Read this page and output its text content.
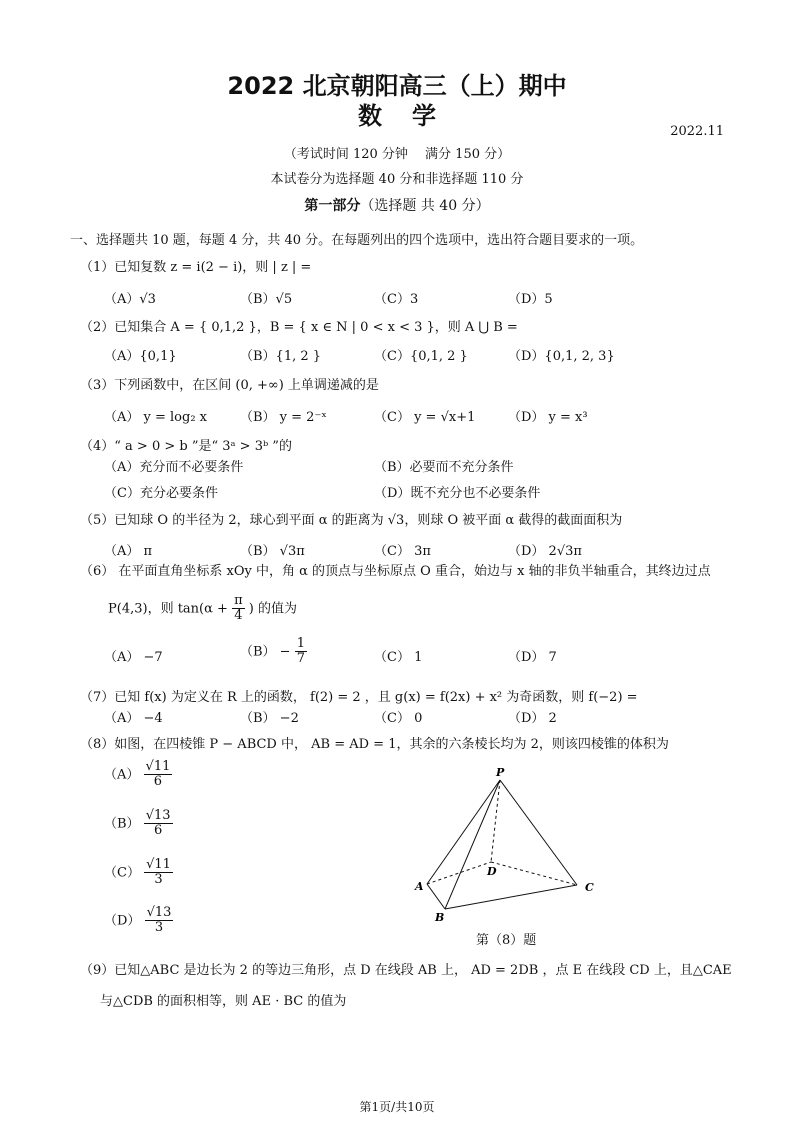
2022 北京朝阳高三（上）期中
数学
2022.11
（考试时间 120 分钟　 满分 150 分）
本试卷分为选择题 40 分和非选择题 110 分
第一部分（选择题 共 40 分）
一、选择题共 10 题，每题 4 分，共 40 分。在每题列出的四个选项中，选出符合题目要求的一项。
（1）已知复数 z = i(2 − i)，则 | z | =
（A）√3	（B）√5	（C）3	（D）5
（2）已知集合 A = { 0,1,2 }，B = { x ∈ N | 0 < x < 3 }，则 A ⋃ B =
（A）{0,1}	（B）{1, 2 }	（C）{0,1, 2 }	（D）{0,1, 2, 3}
（3）下列函数中，在区间 (0, +∞) 上单调递减的是
（A） y = log₂ x	（B） y = 2⁻ˣ	（C） y = √x+1	（D） y = x³
（4）“ a > 0 > b ”是“ 3ᵃ > 3ᵇ ”的
（A）充分而不必要条件	（B）必要而不充分条件
（C）充分必要条件	（D）既不充分也不必要条件
（5）已知球 O 的半径为 2，球心到平面 α 的距离为 √3，则球 O 被平面 α 截得的截面面积为
（A） π	（B） √3π	（C） 3π	（D） 2√3π
（6） 在平面直角坐标系 xOy 中，角 α 的顶点与坐标原点 O 重合，始边与 x 轴的非负半轴重合，其终边过点
P(4,3)，则 $\tan(\alpha + \frac{\pi}{4}$ ) 的值为
（A） −7	$(B) - \frac{1}{7}$	（C） 1	（D） 7
（7）已知 f(x) 为定义在 R 上的函数， f(2) = 2 ，且 g(x) = f(2x) + x² 为奇函数，则 f(−2) =
（A） −4	（B） −2	（C） 0	（D） 2
（8）如图，在四棱锥 P − ABCD 中， AB = AD = 1，其余的六条棱长均为 2，则该四棱锥的体积为
$(A) \frac{√11}{6}$
$(B) \frac{√13}{6}$
$(C) \frac{√11}{3}$
$(D) \frac{√13}{3}$
P
A
B
C
D
第（8）题
（9）已知△ABC 是边长为 2 的等边三角形，点 D 在线段 AB 上， AD = 2DB ，点 E 在线段 CD 上，且△CAE
与△CDB 的面积相等，则 AE · BC 的值为
第1页/共10页
